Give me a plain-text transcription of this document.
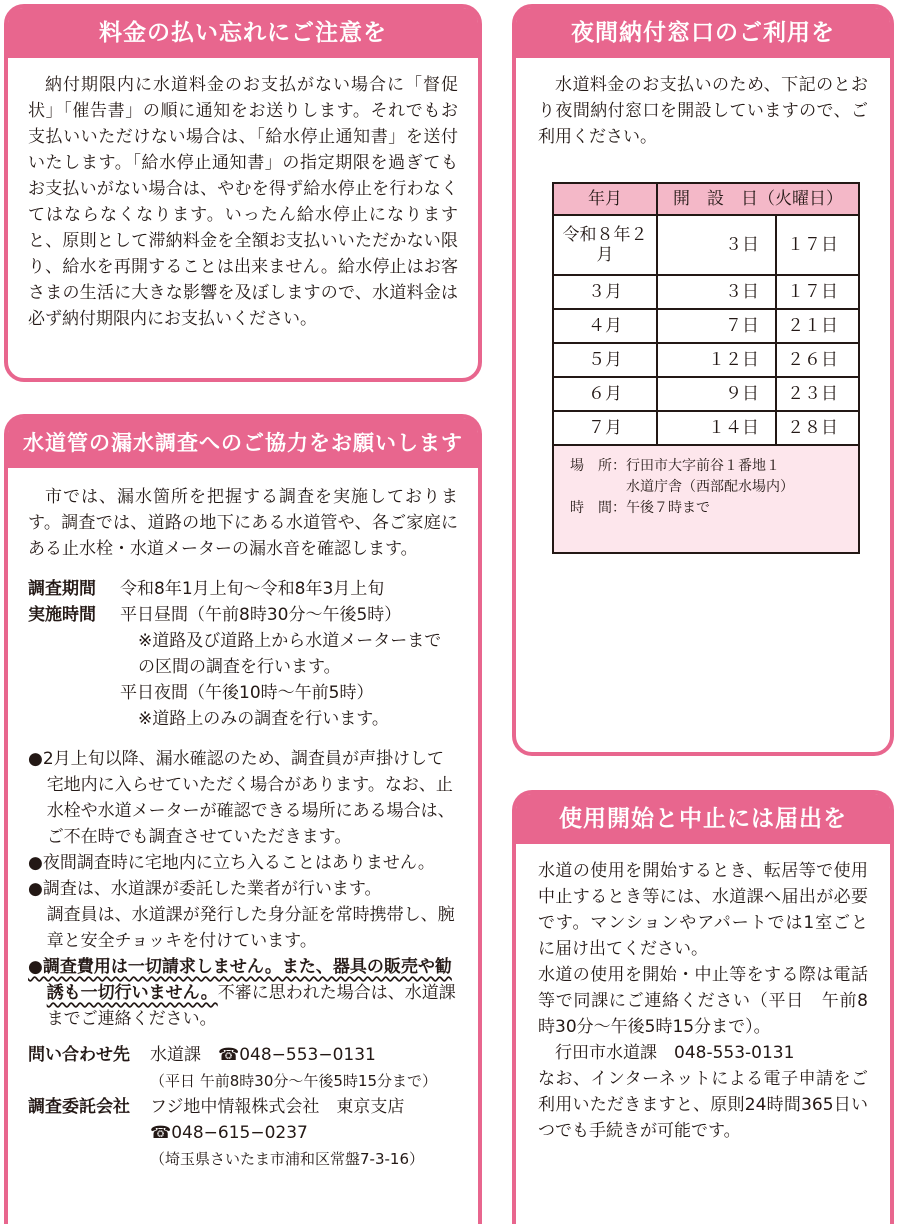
料金の払い忘れにご注意を

納付期限内に水道料金のお支払がない場合に「督促状」「催告書」の順に通知をお送りします。それでもお支払いいただけない場合は、「給水停止通知書」を送付いたします。「給水停止通知書」の指定期限を過ぎてもお支払いがない場合は、やむを得ず給水停止を行わなくてはならなくなります。いったん給水停止になりますと、原則として滞納料金を全額お支払いいただかない限り、給水を再開することは出来ません。給水停止はお客さまの生活に大きな影響を及ぼしますので、水道料金は必ず納付期限内にお支払いください。

水道管の漏水調査へのご協力をお願いします

市では、漏水箇所を把握する調査を実施しております。調査では、道路の地下にある水道管や、各ご家庭にある止水栓・水道メーターの漏水音を確認します。

調査期間	令和8年1月上旬〜令和8年3月上旬
実施時間	平日昼間（午前8時30分〜午後5時）
※道路及び道路上から水道メーターまでの区間の調査を行います。
平日夜間（午後10時〜午前5時）
※道路上のみの調査を行います。
●2月上旬以降、漏水確認のため、調査員が声掛けして宅地内に入らせていただく場合があります。なお、止水栓や水道メーターが確認できる場所にある場合は、ご不在時でも調査させていただきます。
●夜間調査時に宅地内に立ち入ることはありません。
●調査は、水道課が委託した業者が行います。
調査員は、水道課が発行した身分証を常時携帯し、腕章と安全チョッキを付けています。
●調査費用は一切請求しません。また、器具の販売や勧誘も一切行いません。不審に思われた場合は、水道課までご連絡ください。
問い合わせ先	水道課　 ☎048−553−0131
（平日 午前8時30分〜午後5時15分まで）
調査委託会社	フジ地中情報株式会社　東京支店
☎048−615−0237
（埼玉県さいたま市浦和区常盤7-3-16）
夜間納付窓口のご利用を

水道料金のお支払いのため、下記のとおり夜間納付窓口を開設していますので、ご利用ください。

年月	開　設　日（火曜日）	
令和８年２月	３日	１７日
３月	３日	１７日
４月	７日	２１日
５月	１２日	２６日
６月	９日	２３日
７月	１４日	２８日

場　所： 行田市大字前谷１番地１
水道庁舎（西部配水場内）
時　間： 午後７時まで		
使用開始と中止には届出を

水道の使用を開始するとき、転居等で使用中止するとき等には、水道課へ届出が必要です。マンションやアパートでは1室ごとに届け出てください。

水道の使用を開始・中止等をする際は電話等で同課にご連絡ください（平日　午前8時30分〜午後5時15分まで）。

行田市水道課　048-553-0131

なお、インターネットによる電子申請をご利用いただきますと、原則24時間365日いつでも手続きが可能です。
